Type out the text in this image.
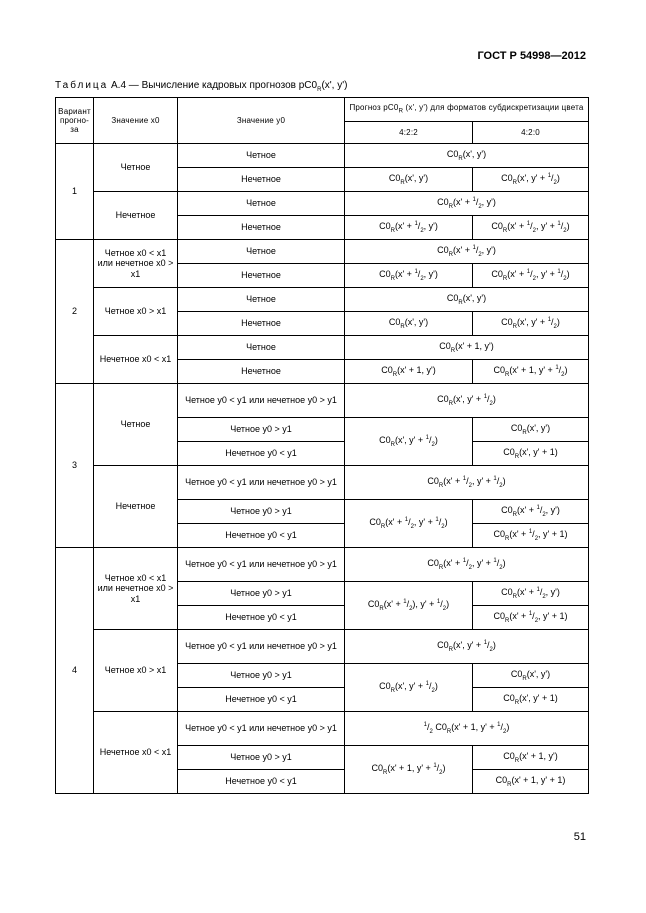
ГОСТ Р 54998—2012
Таблица А.4 — Вычисление кадровых прогнозов $pC0_R(x'$, y')
Вариант прогно-за	Значение x0	Значение y0	Прогноз $pC0_R$ (x', y') для форматов субдискретизации цвета	
			4:2:2	4:2:0
1	Четное	Четное	$C0_R(x'$, y')	
		Нечетное	$C0_R(x'$, y')	$C0_R(x'$, $y' + ^1/_2$)
	Нечетное	Четное	$C0_R(x' + ^1/_2$, y')	
		Нечетное	$C0_R(x' + ^1/_2$, y')	$C0_R(x' + ^1/_2$, $y' + ^1/_2$)
2	Четное x0 < x1 или нечетное x0 > x1	Четное	$C0_R(x' + ^1/_2$, y')	
		Нечетное	$C0_R(x' + ^1/_2$, y')	$C0_R(x' + ^1/_2$, $y' + ^1/_2$)
	Четное x0 > x1	Четное	$C0_R(x'$, y')	
		Нечетное	$C0_R(x'$, y')	$C0_R(x'$, $y' + ^1/_2$)
	Нечетное x0 < x1	Четное	$C0_R(x' + 1$, y')	
		Нечетное	$C0_R(x' + 1$, y')	$C0_R(x' + 1$, $y' + ^1/_2$)
3	Четное	Четное y0 < y1 или нечетное y0 > y1	$C0_R(x'$, $y' + ^1/_2$)	
		Четное y0 > y1	$C0_R(x'$, $y' + ^1/_2$)	$C0_R(x'$, y')
		Нечетное y0 < y1		$C0_R(x'$, y' + 1)
	Нечетное	Четное y0 < y1 или нечетное y0 > y1	$C0_R(x' + ^1/_2$, $y' + ^1/_2$)	
		Четное y0 > y1	$C0_R(x' + ^1/_2$, $y' + ^1/_2$)	$C0_R(x' + ^1/_2$, y')
		Нечетное y0 < y1		$C0_R(x' + ^1/_2$, y' + 1)
4	Четное x0 < x1 или нечетное x0 > x1	Четное y0 < y1 или нечетное y0 > y1	$C0_R(x' + ^1/_2$, $y' + ^1/_2$)	
		Четное y0 > y1	$C0_R(x' + ^1/_2)$, $y' + ^1/_2$)	$C0_R(x' + ^1/_2$, y')
		Нечетное y0 < y1		$C0_R(x' + ^1/_2$, y' + 1)
	Четное x0 > x1	Четное y0 < y1 или нечетное y0 > y1	$C0_R(x'$, $y' + ^1/_2$)	
		Четное y0 > y1	$C0_R(x'$, $y' + ^1/_2$)	$C0_R(x'$, y')
		Нечетное y0 < y1		$C0_R(x'$, y' + 1)
	Нечетное x0 < x1	Четное y0 < y1 или нечетное y0 > y1	$^1/_2$ $C0_R(x' + 1$, $y' + ^1/_2$)	
		Четное y0 > y1	$C0_R(x' + 1$, $y' + ^1/_2$)	$C0_R(x' + 1$, y')
		Нечетное y0 < y1		$C0_R(x' + 1$, y' + 1)
51
